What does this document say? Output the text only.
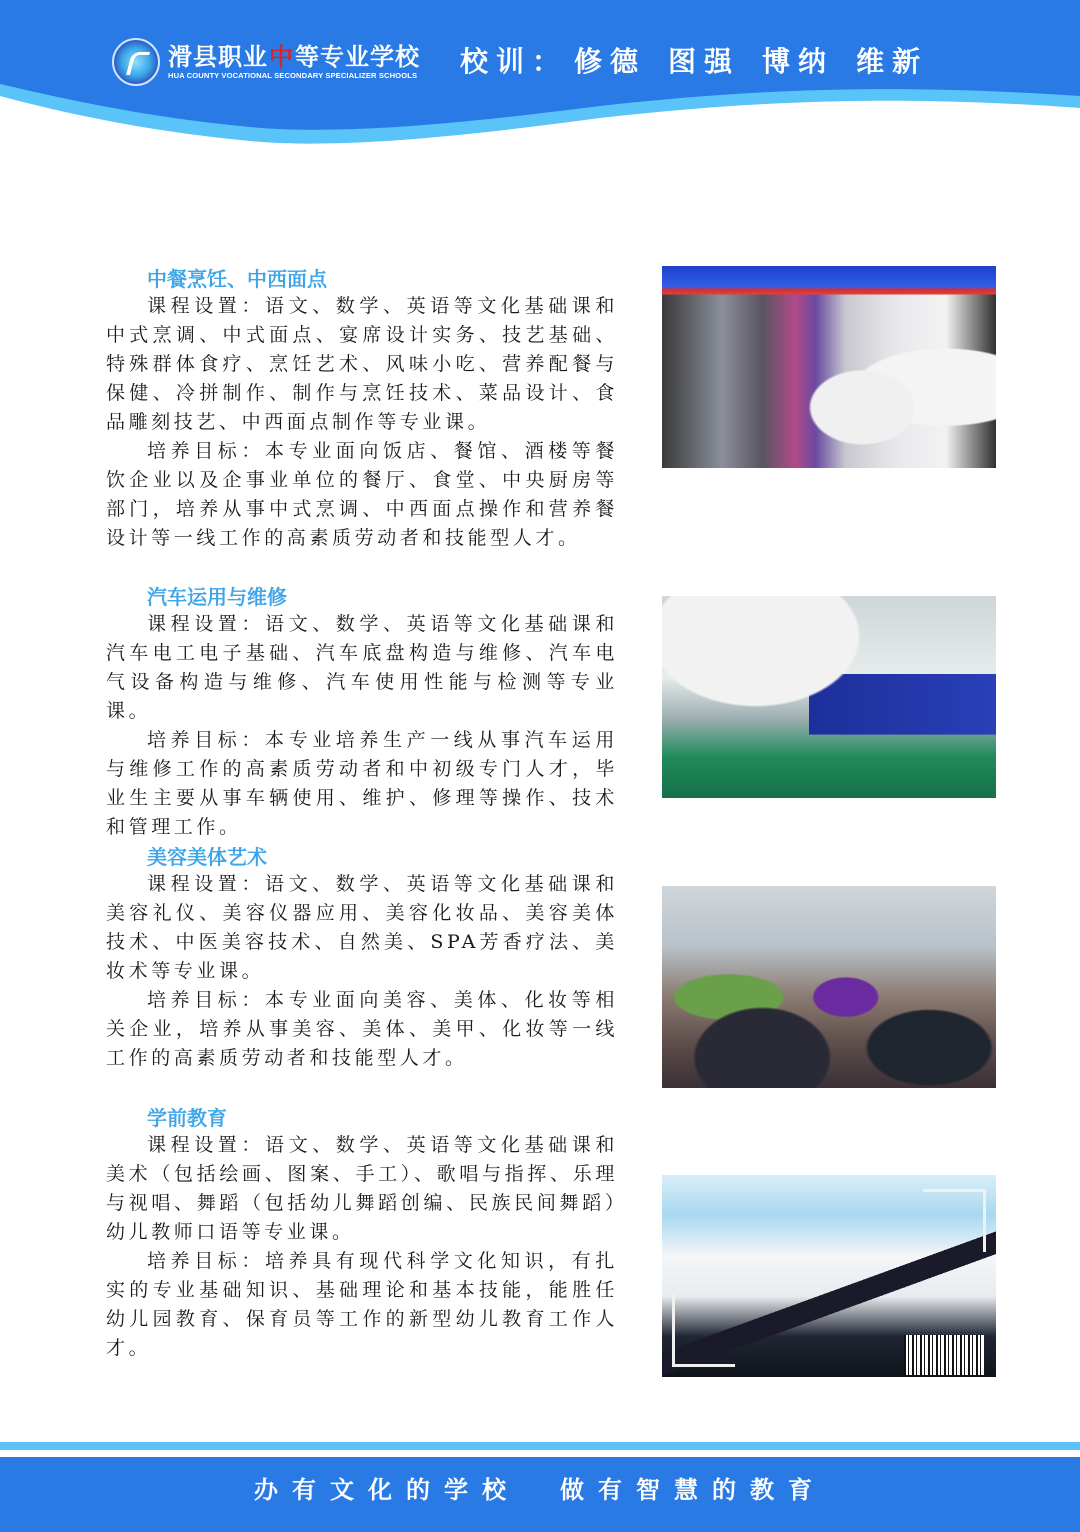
滑县职业 中 等专业学校
HUA COUNTY VOCATIONAL SECONDARY SPECIALIZER SCHOOLS 校训： 修德 图强 博纳 维新
中餐烹饪、中西面点

课程设置：语文、数学、英语等文化基础课和中式烹调、中式面点、宴席设计实务、技艺基础、特殊群体食疗、烹饪艺术、风味小吃、营养配餐与保健、冷拼制作、制作与烹饪技术、菜品设计、食品雕刻技艺、中西面点制作等专业课。

培养目标：本专业面向饭店、餐馆、酒楼等餐饮企业以及企事业单位的餐厅、食堂、中央厨房等部门，培养从事中式烹调、中西面点操作和营养餐设计等一线工作的高素质劳动者和技能型人才。

汽车运用与维修

课程设置：语文、数学、英语等文化基础课和汽车电工电子基础、汽车底盘构造与维修、汽车电气设备构造与维修、汽车使用性能与检测等专业课。

培养目标：本专业培养生产一线从事汽车运用与维修工作的高素质劳动者和中初级专门人才，毕业生主要从事车辆使用、维护、修理等操作、技术和管理工作。

美容美体艺术

课程设置：语文、数学、英语等文化基础课和美容礼仪、美容仪器应用、美容化妆品、美容美体技术、中医美容技术、自然美、SPA芳香疗法、美妆术等专业课。

培养目标：本专业面向美容、美体、化妆等相关企业，培养从事美容、美体、美甲、化妆等一线工作的高素质劳动者和技能型人才。

学前教育

课程设置：语文、数学、英语等文化基础课和美术（包括绘画、图案、手工）、歌唱与指挥、乐理与视唱、舞蹈（包括幼儿舞蹈创编、民族民间舞蹈）幼儿教师口语等专业课。

培养目标：培养具有现代科学文化知识，有扎实的专业基础知识、基础理论和基本技能，能胜任幼儿园教育、保育员等工作的新型幼儿教育工作人才。

办有文化的学校 做有智慧的教育
